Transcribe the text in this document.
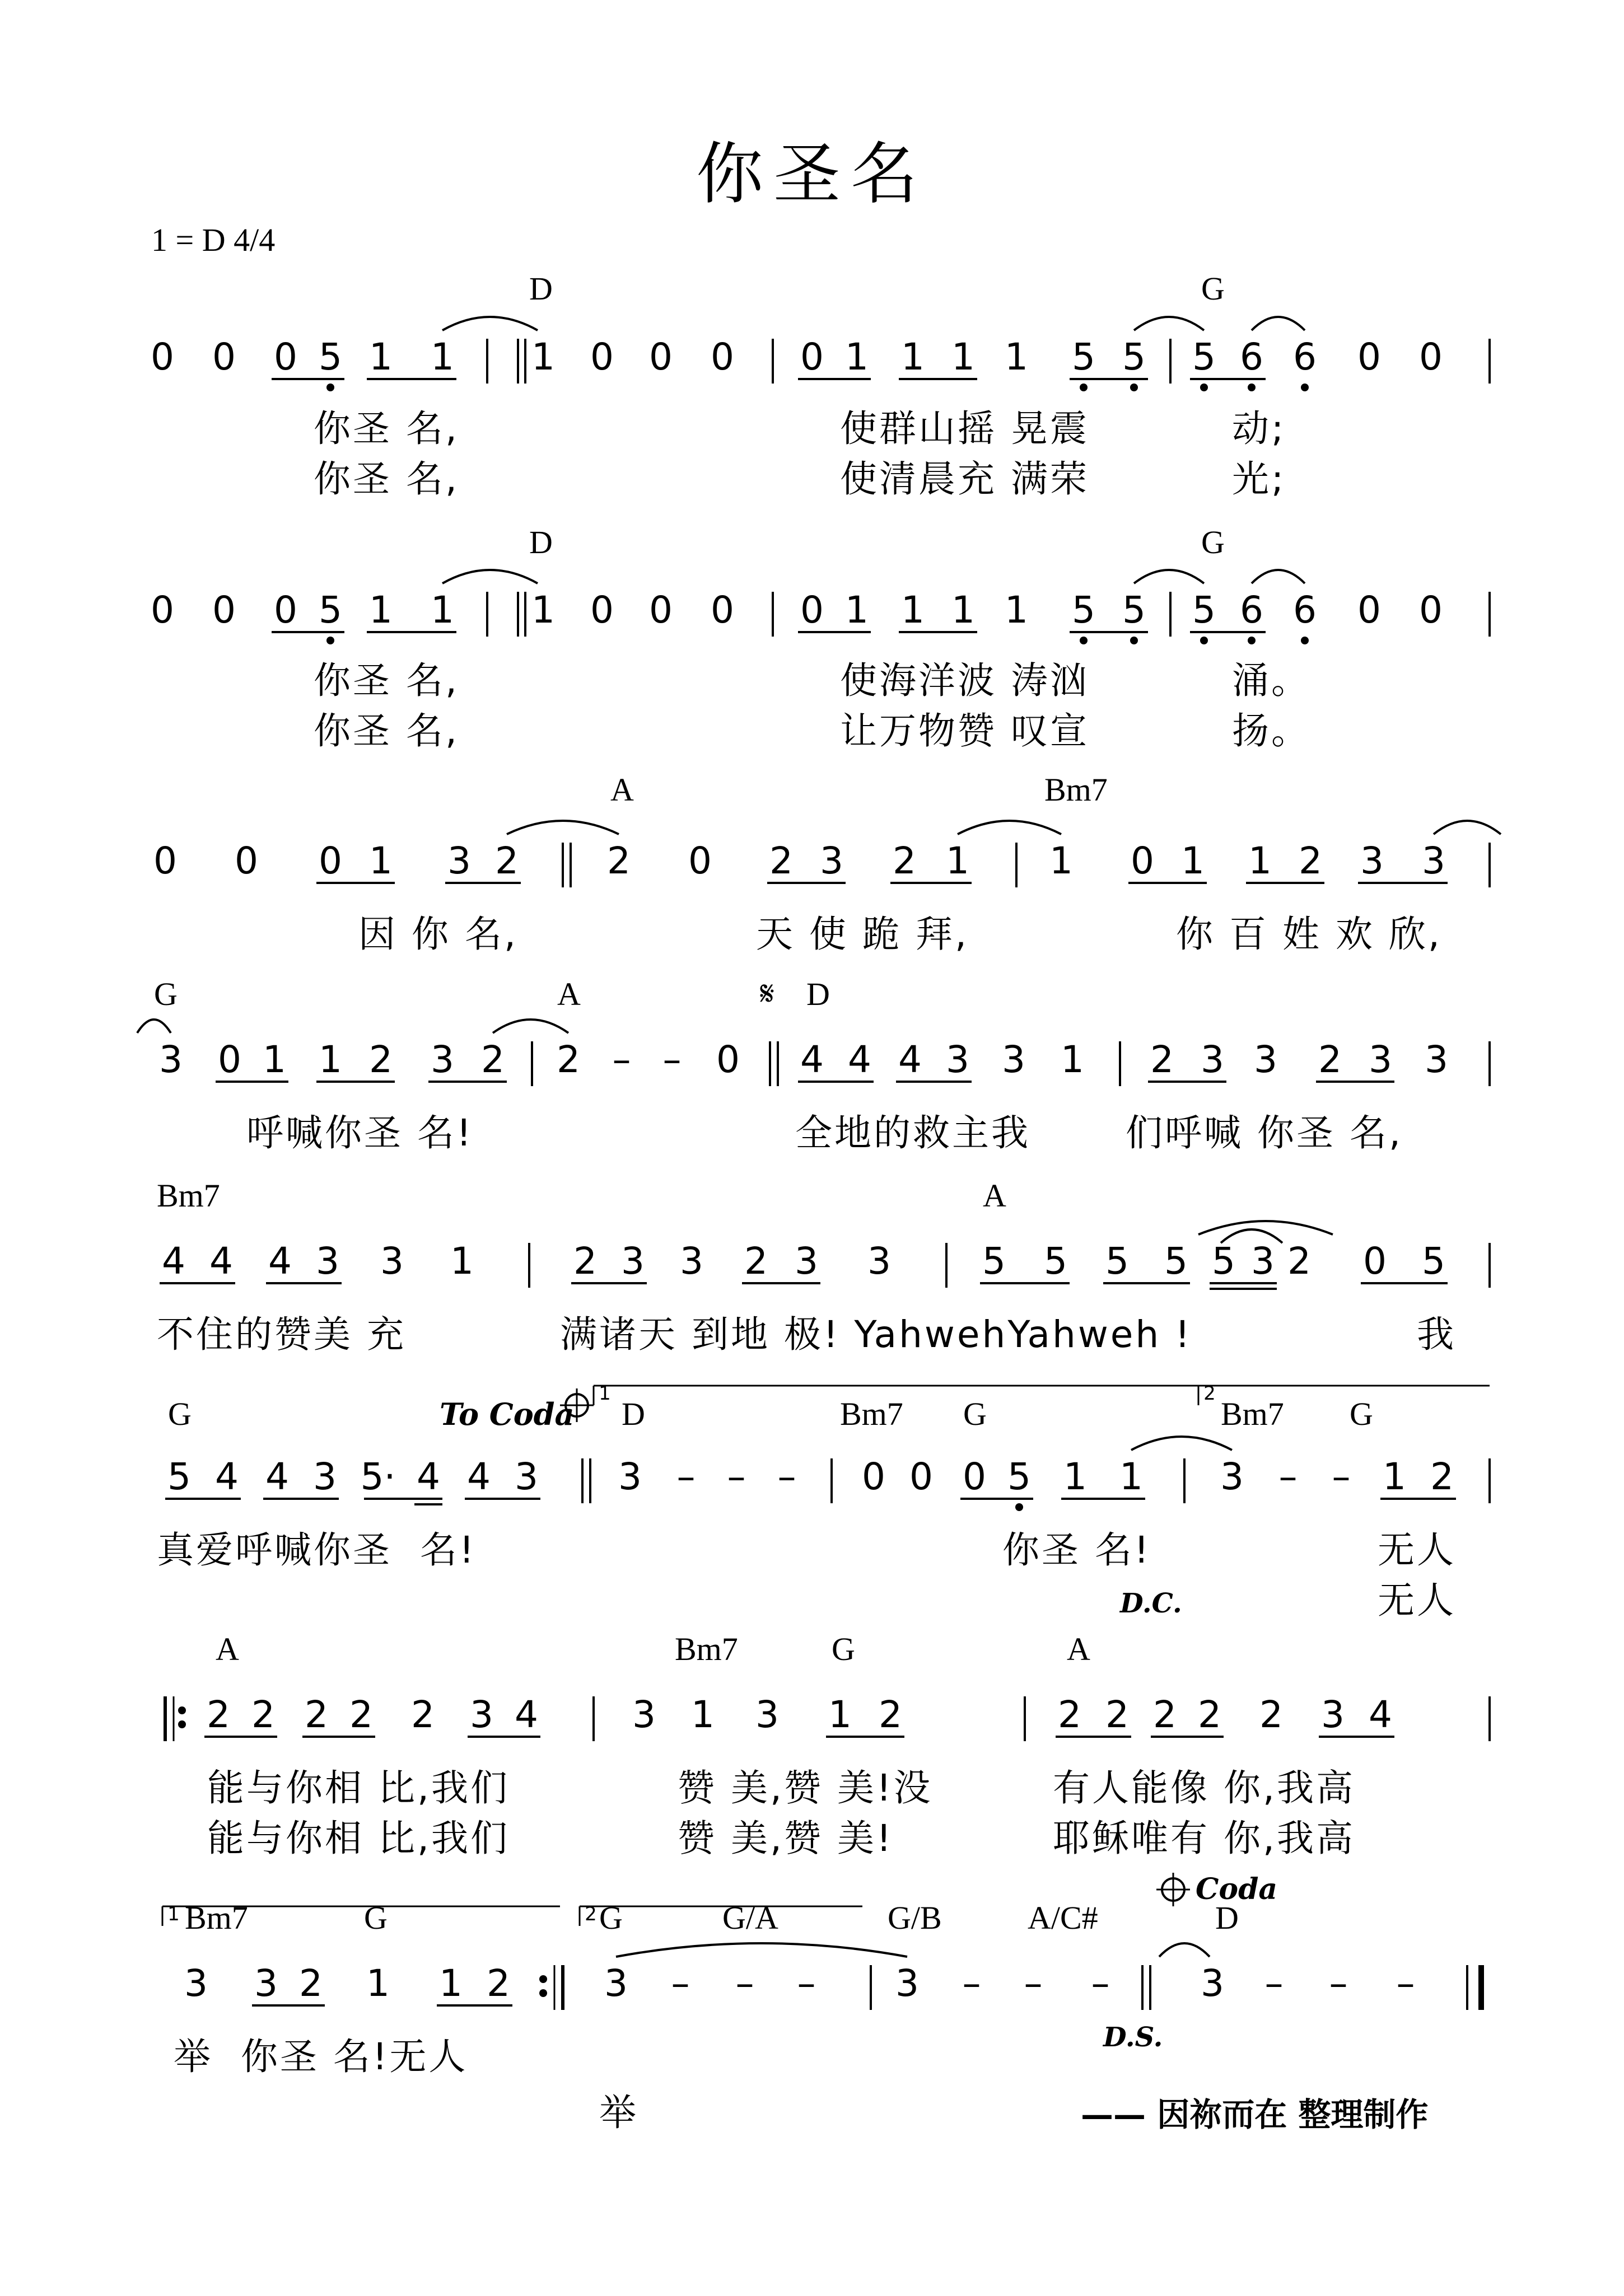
你圣名
1 = D 4/4
D	G
0 0 0 5 1 1 1 0 0 0 0 1 1 1 1 5 5 5 6 6 0 0
D	G
0 0 0 5 1 1 1 0 0 0 0 1 1 1 1 5 5 5 6 6 0 0
A	Bm7
0 0 0 1 3 2 2 0 2 3 2 1 1 0 1 1 2 3 3
G	A	𝄋 D
3 0 1 1 2 3 2 2 – – 0 4 4 4 3 3 1 2 3 3 2 3 3
Bm7	A
4 4 4 3 3 1	2 3 3 2 3 3 5 5 5 5 5 3 2 0 5
G	To Coda D	Bm7 G	Bm7 G
1	2
5 4 4 3 5· 4 4 3 3 – – – 0 0 0 5 1 1 3 – – 1 2
D.C.
A	Bm7	G	A
2 2 2 2 2 3 4	3 1 3 1 2	2 2 2 2 2 3 4
1	2
Bm7	G	G	G/A	G/B	A/C#	D
Coda
3 3 2 1 1 2	3 – – – 3 – – – 3 – – –
D.S.
你圣 名,	使群山摇 晃震	动;
你圣 名,	使清晨充 满荣	光;
你圣 名,	使海洋波 涛汹	涌。
你圣 名,	让万物赞 叹宣	扬。
因 你 名,	天 使 跪 拜,	你 百 姓 欢 欣,
呼喊你圣 名!	全地的救主我	们呼喊 你圣 名,
不住的赞美 充	满诸天 到地 极! YahwehYahweh !	我
真爱呼喊你圣  名!	你圣 名!	无人
无人
能与你相 比,我们	赞 美,赞 美!没	有人能像 你,我高
能与你相 比,我们	赞 美,赞 美!	耶稣唯有 你,我高
举  你圣 名!无人
举	—— 因祢而在 整理制作
